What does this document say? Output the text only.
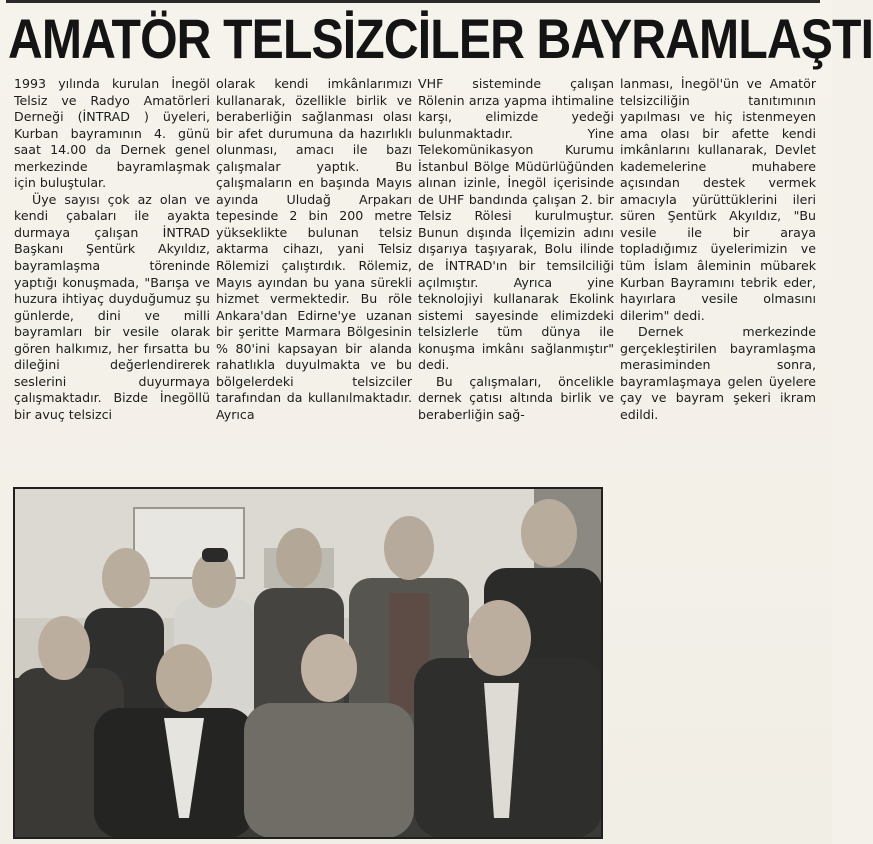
AMATÖR TELSİZCİLER BAYRAMLAŞTI

1993 yılında kurulan İnegöl Telsiz ve Radyo Amatörleri Derneği (İNTRAD ) üyeleri, Kurban bayramının 4. günü saat 14.00 da Dernek genel merkezinde bayramlaşmak için buluştular.

Üye sayısı çok az olan ve kendi çabaları ile ayakta durmaya çalışan İNTRAD Başkanı Şentürk Akyıldız, bayramlaşma töreninde yaptığı konuşmada, "Barışa ve huzura ihtiyaç duyduğumuz şu günlerde, dini ve milli bayramları bir vesile olarak gören halkımız, her fırsatta bu dileğini değerlendirerek seslerini duyurmaya çalışmaktadır. Bizde İnegöllü bir avuç telsizci

olarak kendi imkânlarımızı kullanarak, özellikle birlik ve beraberliğin sağlanması olası bir afet durumuna da hazırlıklı olunması, amacı ile bazı çalışmalar yaptık. Bu çalışmaların en başında Mayıs ayında Uludağ Arpakarı tepesinde 2 bin 200 metre yükseklikte bulunan telsiz aktarma cihazı, yani Telsiz Rölemizi çalıştırdık. Rölemiz, Mayıs ayından bu yana sürekli hizmet vermektedir. Bu röle Ankara'dan Edirne'ye uzanan bir şeritte Marmara Bölgesinin % 80'ini kapsayan bir alanda rahatlıkla duyulmakta ve bu bölgelerdeki telsizciler tarafından da kullanılmaktadır. Ayrıca

VHF sisteminde çalışan Rölenin arıza yapma ihtimaline karşı, elimizde yedeği bulunmaktadır. Yine Telekomünikasyon Kurumu İstanbul Bölge Müdürlüğünden alınan izinle, İnegöl içerisinde de UHF bandında çalışan 2. bir Telsiz Rölesi kurulmuştur. Bunun dışında İlçemizin adını dışarıya taşıyarak, Bolu ilinde de İNTRAD'ın bir temsilciliği açılmıştır. Ayrıca yine teknolojiyi kullanarak Ekolink sistemi sayesinde elimizdeki telsizlerle tüm dünya ile konuşma imkânı sağlanmıştır" dedi.

Bu çalışmaları, öncelikle dernek çatısı altında birlik ve beraberliğin sağ-

lanması, İnegöl'ün ve Amatör telsizciliğin tanıtımının yapılması ve hiç istenmeyen ama olası bir afette kendi imkânlarını kullanarak, Devlet kademelerine muhabere açısından destek vermek amacıyla yürüttüklerini ileri süren Şentürk Akyıldız, "Bu vesile ile bir araya topladığımız üyelerimizin ve tüm İslam âleminin mübarek Kurban Bayramını tebrik eder, hayırlara vesile olmasını dilerim" dedi.

Dernek merkezinde gerçekleştirilen bayramlaşma merasiminden sonra, bayramlaşmaya gelen üyelere çay ve bayram şekeri ikram edildi.
